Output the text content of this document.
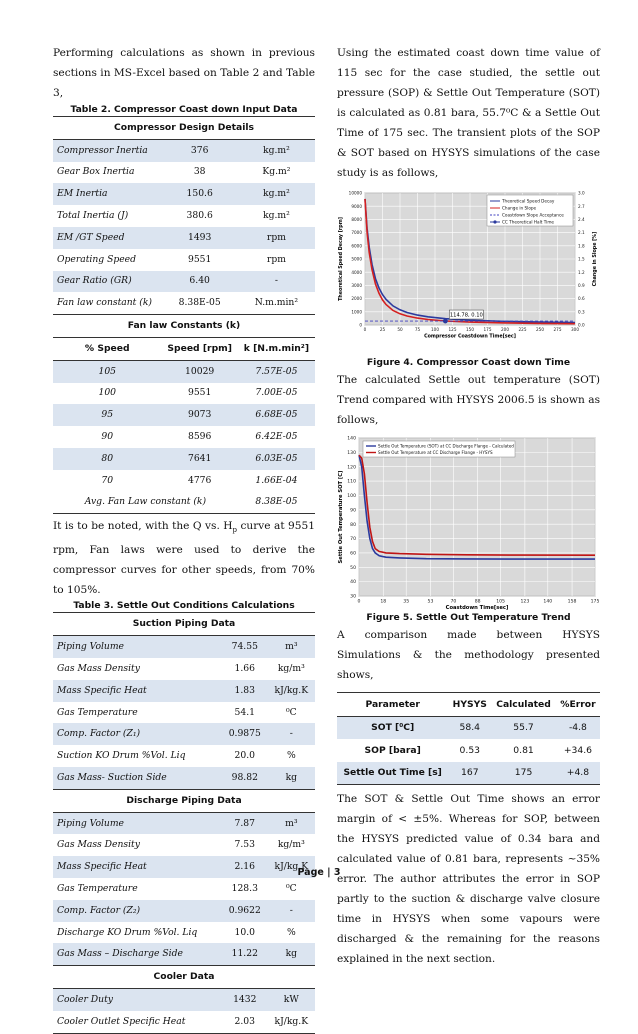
Performing calculations as shown in previous sections in MS-Excel based on Table 2 and Table 3,

Table 2. Compressor Coast down Input Data

Compressor Design Details		
Compressor Inertia	376	kg.m²
Gear Box Inertia	38	Kg.m²
EM Inertia	150.6	kg.m²
Total Inertia (J)	380.6	kg.m²
EM /GT Speed	1493	rpm
Operating Speed	9551	rpm
Gear Ratio (GR)	6.40	-
Fan law constant (k)	8.38E-05	N.m.min²
Fan law Constants (k)		
% Speed	Speed [rpm]	k [N.m.min²]
105	10029	7.57E-05
100	9551	7.00E-05
95	9073	6.68E-05
90	8596	6.42E-05
80	7641	6.03E-05
70	4776	1.66E-04
Avg. Fan Law constant (k)		8.38E-05

It is to be noted, with the Q vs. $H_p$ curve at 9551 rpm, Fan laws were used to derive the compressor curves for other speeds, from 70% to 105%.

Table 3. Settle Out Conditions Calculations

Suction Piping Data		
Piping Volume	74.55	m³
Gas Mass Density	1.66	kg/m³
Mass Specific Heat	1.83	kJ/kg.K
Gas Temperature	54.1	⁰C
Comp. Factor (Z₁)	0.9875	-
Suction KO Drum %Vol. Liq	20.0	%
Gas Mass- Suction Side	98.82	kg
Discharge Piping Data		
Piping Volume	7.87	m³
Gas Mass Density	7.53	kg/m³
Mass Specific Heat	2.16	kJ/kg.K
Gas Temperature	128.3	⁰C
Comp. Factor (Z₂)	0.9622	-
Discharge KO Drum %Vol. Liq	10.0	%
Gas Mass – Discharge Side	11.22	kg
Cooler Data		
Cooler Duty	1432	kW
Cooler Outlet Specific Heat	2.03	kJ/kg.K

Using the estimated coast down time value of 115 sec for the case studied, the settle out pressure (SOP) & Settle Out Temperature (SOT) is calculated as 0.81 bara, 55.7⁰C & a Settle Out Time of 175 sec. The transient plots of the SOP & SOT based on HYSYS simulations of the case study is as follows,

0
1000
2000
3000
4000
5000
6000
7000
8000
9000
10000
0	25	50	75	100 125 150 175 200 225 250 275 300
0.0
0.3
0.6
0.9
1.2
1.5
1.8
2.1
2.4
2.7
3.0
Change in Slope [%]
Compressor Coastdown Time[sec]
Theoretical Speed Decay [rpm]
114.78, 0.10
Theoretical Speed Decay
Change in Slope
Coastdown Slope Acceptance
CC Theoretical Halt Time

Figure 4. Compressor Coast down Time

The calculated Settle out temperature (SOT) Trend compared with HYSYS 2006.5 is shown as follows,

30
40
50
60
70
80
90
100
110
120
130
140
0	18	35	53	70	88	105	123	140	158	175
Coastdown Time[sec]
Settle Out Temperature SOT [C]
Settle Out Temperature (SOT) at CC Discharge Flange - Calculated
Settle Out Temperature at CC Discharge Flange - HYSYS

Figure 5. Settle Out Temperature Trend

A comparison made between HYSYS Simulations & the methodology presented shows,

Parameter	HYSYS	Calculated	%Error
SOT [⁰C]	58.4	55.7	-4.8
SOP [bara]	0.53	0.81	+34.6
Settle Out Time [s]	167	175	+4.8

The SOT & Settle Out Time shows an error margin of < ±5%. Whereas for SOP, between the HYSYS predicted value of 0.34 bara and calculated value of 0.81 bara, represents ~35% error. The author attributes the error in SOP partly to the suction & discharge valve closure time in HYSYS when some vapours were discharged & the remaining for the reasons explained in the next section.

Page | 3
